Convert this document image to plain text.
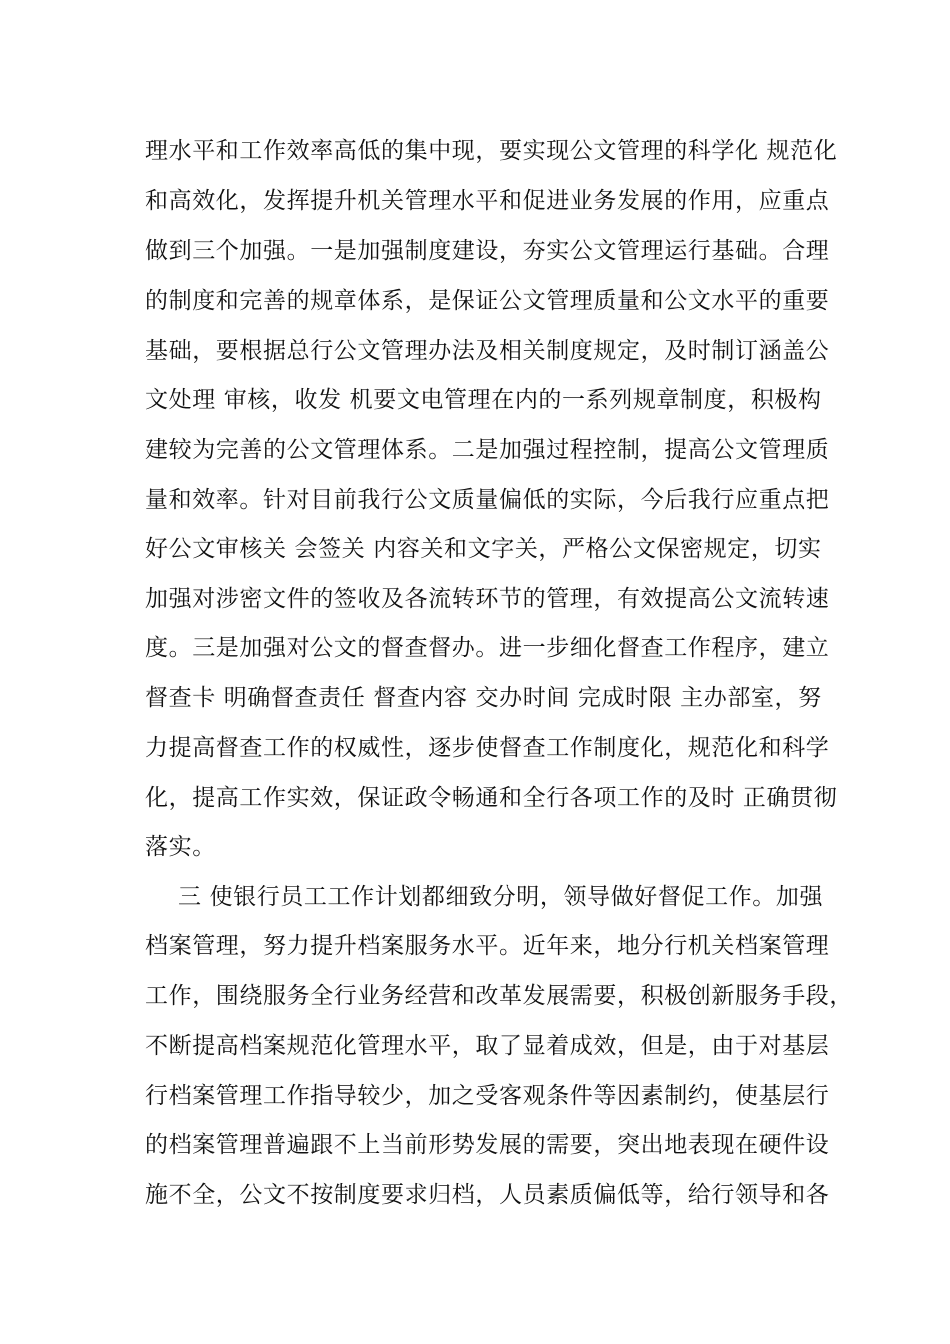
理水平和工作效率高低的集中现，要实现公文管理的科学化 规范化
和高效化，发挥提升机关管理水平和促进业务发展的作用，应重点
做到三个加强。一是加强制度建设，夯实公文管理运行基础。合理
的制度和完善的规章体系，是保证公文管理质量和公文水平的重要
基础，要根据总行公文管理办法及相关制度规定，及时制订涵盖公
文处理 审核，收发 机要文电管理在内的一系列规章制度，积极构
建较为完善的公文管理体系。二是加强过程控制，提高公文管理质
量和效率。针对目前我行公文质量偏低的实际，今后我行应重点把
好公文审核关 会签关 内容关和文字关，严格公文保密规定，切实
加强对涉密文件的签收及各流转环节的管理，有效提高公文流转速
度。三是加强对公文的督查督办。进一步细化督查工作程序，建立
督查卡 明确督查责任 督查内容 交办时间 完成时限 主办部室，努
力提高督查工作的权威性，逐步使督查工作制度化，规范化和科学
化，提高工作实效，保证政令畅通和全行各项工作的及时 正确贯彻
落实。
三 使银行员工工作计划都细致分明，领导做好督促工作。加强
档案管理，努力提升档案服务水平。近年来，地分行机关档案管理
工作，围绕服务全行业务经营和改革发展需要，积极创新服务手段，
不断提高档案规范化管理水平，取了显着成效，但是，由于对基层
行档案管理工作指导较少，加之受客观条件等因素制约，使基层行
的档案管理普遍跟不上当前形势发展的需要，突出地表现在硬件设
施不全，公文不按制度要求归档，人员素质偏低等，给行领导和各
